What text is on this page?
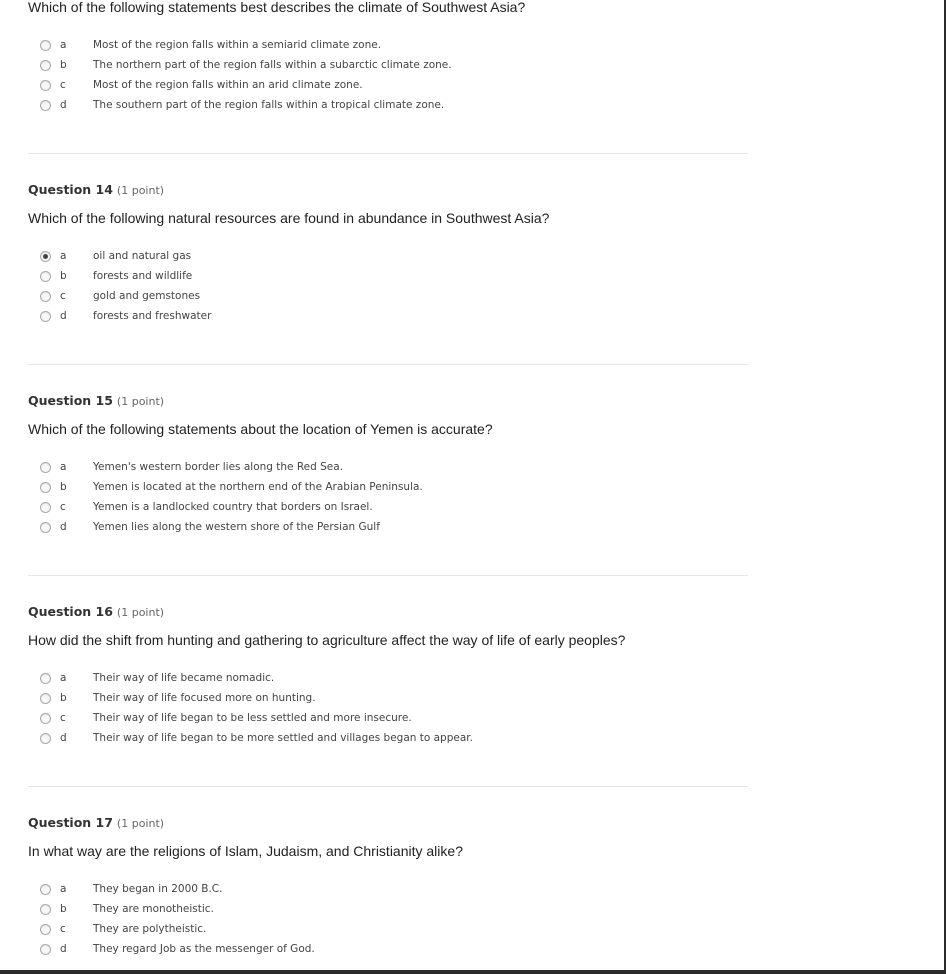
Which of the following statements best describes the climate of Southwest Asia?
a	Most of the region falls within a semiarid climate zone.
b	The northern part of the region falls within a subarctic climate zone.
c	Most of the region falls within an arid climate zone.
d	The southern part of the region falls within a tropical climate zone.
Question 14 (1 point)
Which of the following natural resources are found in abundance in Southwest Asia?
a	oil and natural gas
b	forests and wildlife
c	gold and gemstones
d	forests and freshwater
Question 15 (1 point)
Which of the following statements about the location of Yemen is accurate?
a	Yemen's western border lies along the Red Sea.
b	Yemen is located at the northern end of the Arabian Peninsula.
c	Yemen is a landlocked country that borders on Israel.
d	Yemen lies along the western shore of the Persian Gulf
Question 16 (1 point)
How did the shift from hunting and gathering to agriculture affect the way of life of early peoples?
a	Their way of life became nomadic.
b	Their way of life focused more on hunting.
c	Their way of life began to be less settled and more insecure.
d	Their way of life began to be more settled and villages began to appear.
Question 17 (1 point)
In what way are the religions of Islam, Judaism, and Christianity alike?
a	They began in 2000 B.C.
b	They are monotheistic.
c	They are polytheistic.
d	They regard Job as the messenger of God.
